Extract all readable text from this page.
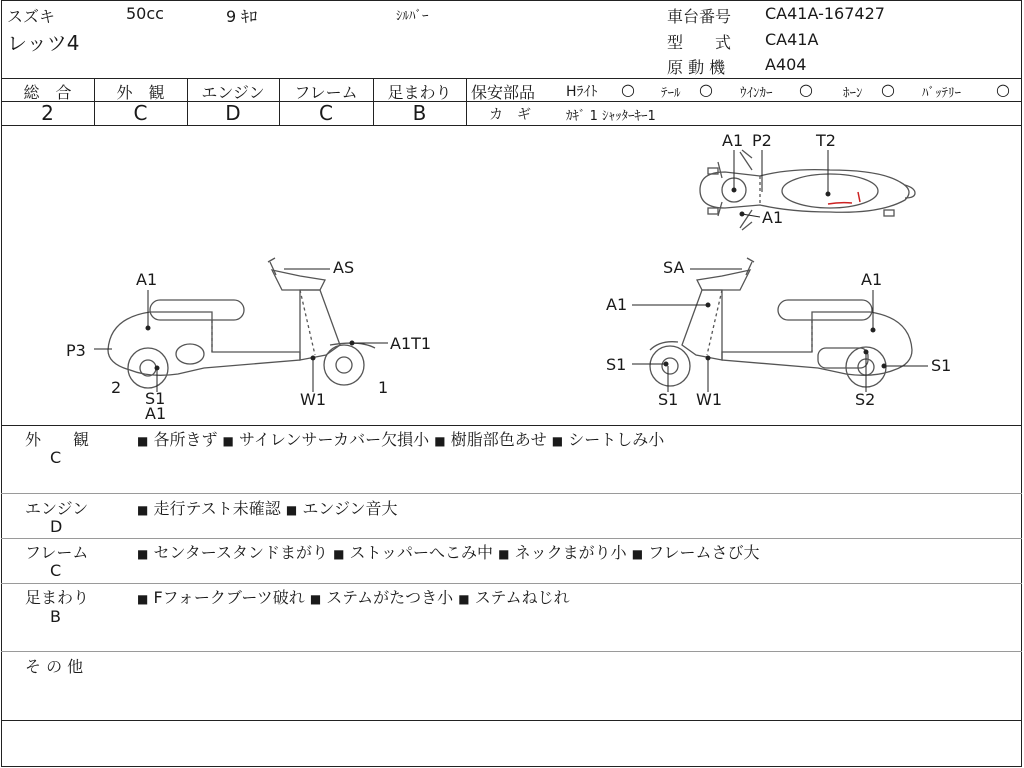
スズキ	50cc	9 ｷﾛ	ｼﾙﾊﾞｰ
レッツ4
車台番号 CA41A-167427
型　　式 CA41A
原 動 機 A404
総　合
2
外　観
C
エンジン
D
フレーム
C
足まわり
B
保安部品 Hﾗｲﾄ ○ ﾃｰﾙ ○ ｳｲﾝｶｰ ○ ﾎｰﾝ ○ ﾊﾞｯﾃﾘｰ ○
カ　ギ	ｶｷﾞ 1 ｼｬｯﾀｰｷｰ1
A1 P2	T2
A1
A1
AS
P3	A1T1
2
S1
A1
W1
1
SA
A1
A1
S1
S1 W1	S2
S1
外　　観
C
■ 各所きず ■ サイレンサーカバー欠損小 ■ 樹脂部色あせ ■ シートしみ小
エンジン
D
■ 走行テスト未確認 ■ エンジン音大
フレーム
C
■ センタースタンドまがり ■ ストッパーへこみ中 ■ ネックまがり小 ■ フレームさび大
足まわり
B
■ Fフォークブーツ破れ ■ ステムがたつき小 ■ ステムねじれ
そ の 他
